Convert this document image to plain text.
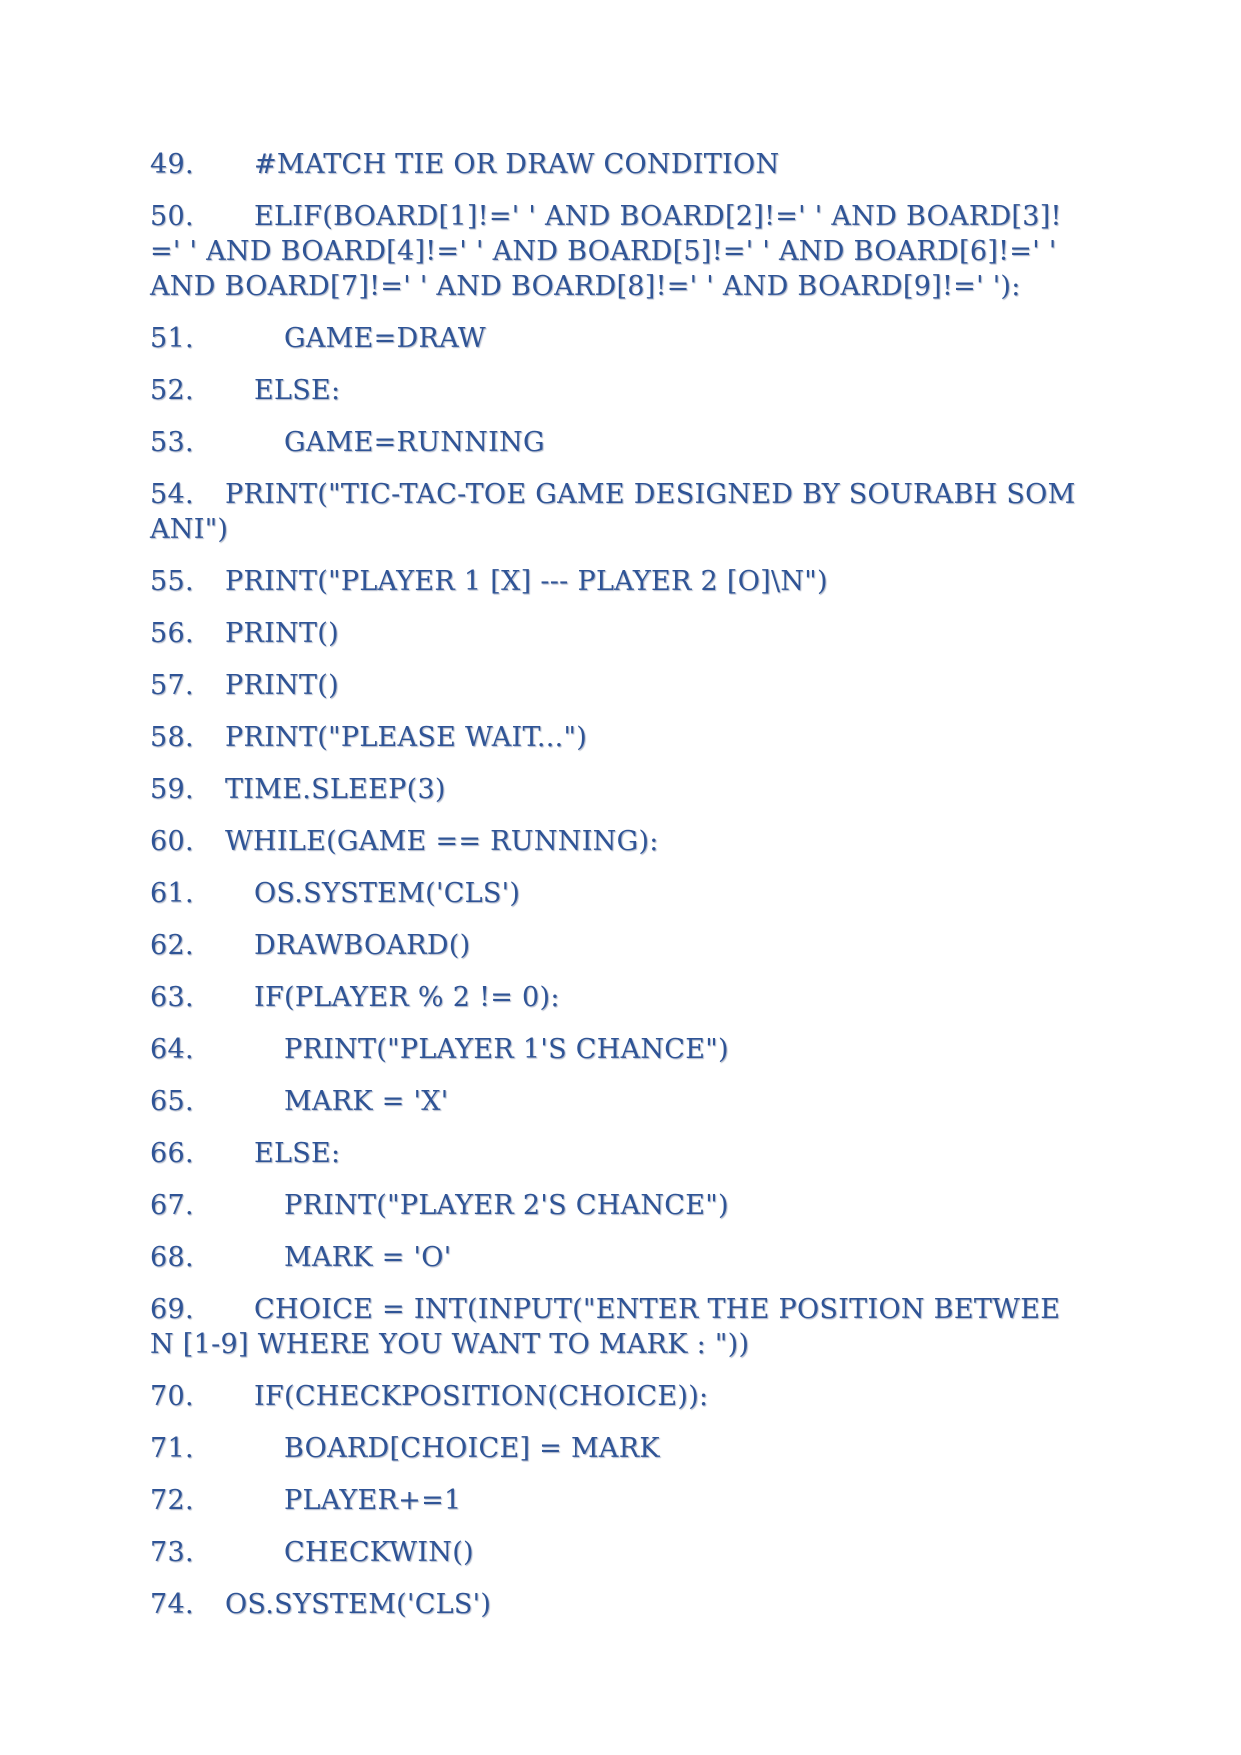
49. #MATCH TIE OR DRAW CONDITION
50. ELIF(BOARD[1]!=' ' AND BOARD[2]!=' ' AND BOARD[3]!=' ' AND BOARD[4]!=' ' AND BOARD[5]!=' ' AND BOARD[6]!=' ' AND BOARD[7]!=' ' AND BOARD[8]!=' ' AND BOARD[9]!=' '):
51.	GAME=DRAW
52. ELSE:
53.	GAME=RUNNING
54. PRINT("TIC-TAC-TOE GAME DESIGNED BY SOURABH SOMANI")
55. PRINT("PLAYER 1 [X] --- PLAYER 2 [O]\N")
56. PRINT()
57. PRINT()
58. PRINT("PLEASE WAIT...")
59. TIME.SLEEP(3)
60. WHILE(GAME == RUNNING):
61. OS.SYSTEM('CLS')
62. DRAWBOARD()
63. IF(PLAYER % 2 != 0):
64.	PRINT("PLAYER 1'S CHANCE")
65.	MARK = 'X'
66. ELSE:
67.	PRINT("PLAYER 2'S CHANCE")
68.	MARK = 'O'
69. CHOICE = INT(INPUT("ENTER THE POSITION BETWEEN [1-9] WHERE YOU WANT TO MARK : "))
70. IF(CHECKPOSITION(CHOICE)):
71.	BOARD[CHOICE] = MARK
72.	PLAYER+=1
73.	CHECKWIN()
74. OS.SYSTEM('CLS')
